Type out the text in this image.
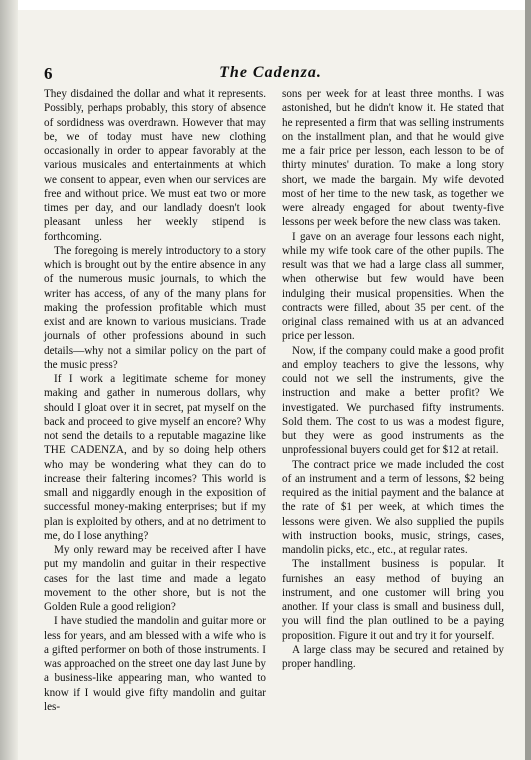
6	The Cadenza.

They disdained the dollar and what it represents. Possibly, perhaps probably, this story of absence of sordidness was overdrawn. However that may be, we of today must have new clothing occasionally in order to appear favorably at the various musicales and entertainments at which we consent to appear, even when our services are free and without price. We must eat two or more times per day, and our landlady doesn't look pleasant unless her weekly stipend is forthcoming.

The foregoing is merely introductory to a story which is brought out by the entire absence in any of the numerous music journals, to which the writer has access, of any of the many plans for making the profession profitable which must exist and are known to various musicians. Trade journals of other professions abound in such details—why not a similar policy on the part of the music press?

If I work a legitimate scheme for money making and gather in numerous dollars, why should I gloat over it in secret, pat myself on the back and proceed to give myself an encore? Why not send the details to a reputable magazine like THE CADENZA, and by so doing help others who may be wondering what they can do to increase their faltering incomes? This world is small and niggardly enough in the exposition of successful money-making enterprises; but if my plan is exploited by others, and at no detriment to me, do I lose anything?

My only reward may be received after I have put my mandolin and guitar in their respective cases for the last time and made a legato movement to the other shore, but is not the Golden Rule a good religion?

I have studied the mandolin and guitar more or less for years, and am blessed with a wife who is a gifted performer on both of those instruments. I was approached on the street one day last June by a business-like appearing man, who wanted to know if I would give fifty mandolin and guitar les-

sons per week for at least three months. I was astonished, but he didn't know it. He stated that he represented a firm that was selling instruments on the installment plan, and that he would give me a fair price per lesson, each lesson to be of thirty minutes' duration. To make a long story short, we made the bargain. My wife devoted most of her time to the new task, as together we were already engaged for about twenty-five lessons per week before the new class was taken.

I gave on an average four lessons each night, while my wife took care of the other pupils. The result was that we had a large class all summer, when otherwise but few would have been indulging their musical propensities. When the contracts were filled, about 35 per cent. of the original class remained with us at an advanced price per lesson.

Now, if the company could make a good profit and employ teachers to give the lessons, why could not we sell the instruments, give the instruction and make a better profit? We investigated. We purchased fifty instruments. Sold them. The cost to us was a modest figure, but they were as good instruments as the unprofessional buyers could get for $12 at retail.

The contract price we made included the cost of an instrument and a term of lessons, $2 being required as the initial payment and the balance at the rate of $1 per week, at which times the lessons were given. We also supplied the pupils with instruction books, music, strings, cases, mandolin picks, etc., etc., at regular rates.

The installment business is popular. It furnishes an easy method of buying an instrument, and one customer will bring you another. If your class is small and business dull, you will find the plan outlined to be a paying proposition. Figure it out and try it for yourself.

A large class may be secured and retained by proper handling.
